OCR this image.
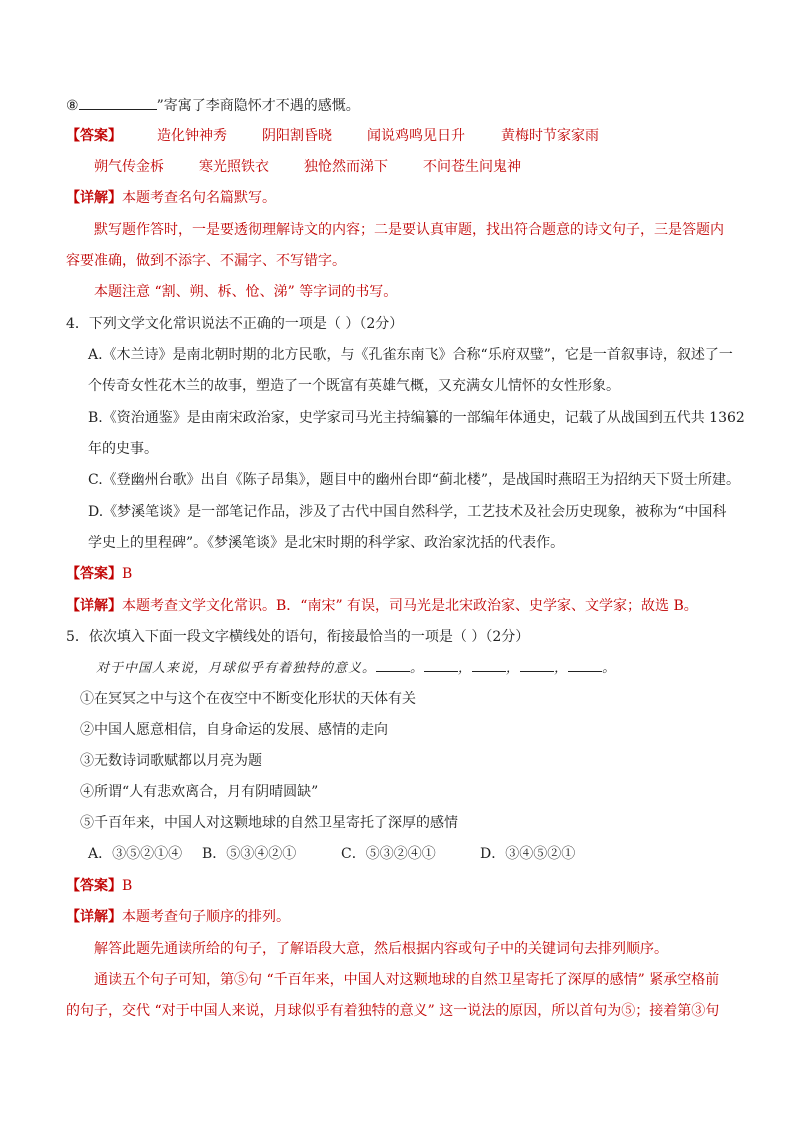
⑧	”寄寓了李商隐怀才不遇的感慨。
【答案】	造化钟神秀	阴阳割昏晓	闻说鸡鸣见日升	黄梅时节家家雨
朔气传金柝	寒光照铁衣	独怆然而涕下	不问苍生问鬼神
【详解】本题考查名句名篇默写。
默写题作答时，一是要透彻理解诗文的内容；二是要认真审题，找出符合题意的诗文句子，三是答题内
容要准确，做到不添字、不漏字、不写错字。
本题注意 “割、朔、柝、怆、涕” 等字词的书写。
4．下列文学文化常识说法不正确的一项是（ ）（2分）
A.《木兰诗》是南北朝时期的北方民歌，与《孔雀东南飞》合称“乐府双璧”，它是一首叙事诗，叙述了一
个传奇女性花木兰的故事，塑造了一个既富有英雄气概，又充满女儿情怀的女性形象。
B.《资治通鉴》是由南宋政治家，史学家司马光主持编纂的一部编年体通史，记载了从战国到五代共 1362
年的史事。
C.《登幽州台歌》出自《陈子昂集》，题目中的幽州台即“蓟北楼”，是战国时燕昭王为招纳天下贤士所建。
D.《梦溪笔谈》是一部笔记作品，涉及了古代中国自然科学，工艺技术及社会历史现象，被称为“中国科
学史上的里程碑”。《梦溪笔谈》是北宋时期的科学家、政治家沈括的代表作。
【答案】B
【详解】本题考查文学文化常识。B．“南宋” 有误，司马光是北宋政治家、史学家、文学家；故选 B。
5．依次填入下面一段文字横线处的语句，衔接最恰当的一项是（ ）（2分）
对于中国人来说，月球似乎有着独特的意义。	。	，	，	，	。
①在冥冥之中与这个在夜空中不断变化形状的天体有关
②中国人愿意相信，自身命运的发展、感情的走向
③无数诗词歌赋都以月亮为题
④所谓“人有悲欢离合，月有阴晴圆缺”
⑤千百年来，中国人对这颗地球的自然卫星寄托了深厚的感情
A．③⑤②①④ B．⑤③④②①	C．⑤③②④①	D．③④⑤②①
【答案】B
【详解】本题考查句子顺序的排列。
解答此题先通读所给的句子，了解语段大意，然后根据内容或句子中的关键词句去排列顺序。
通读五个句子可知，第⑤句 “千百年来，中国人对这颗地球的自然卫星寄托了深厚的感情” 紧承空格前
的句子，交代 “对于中国人来说，月球似乎有着独特的意义” 这一说法的原因，所以首句为⑤；接着第③句
